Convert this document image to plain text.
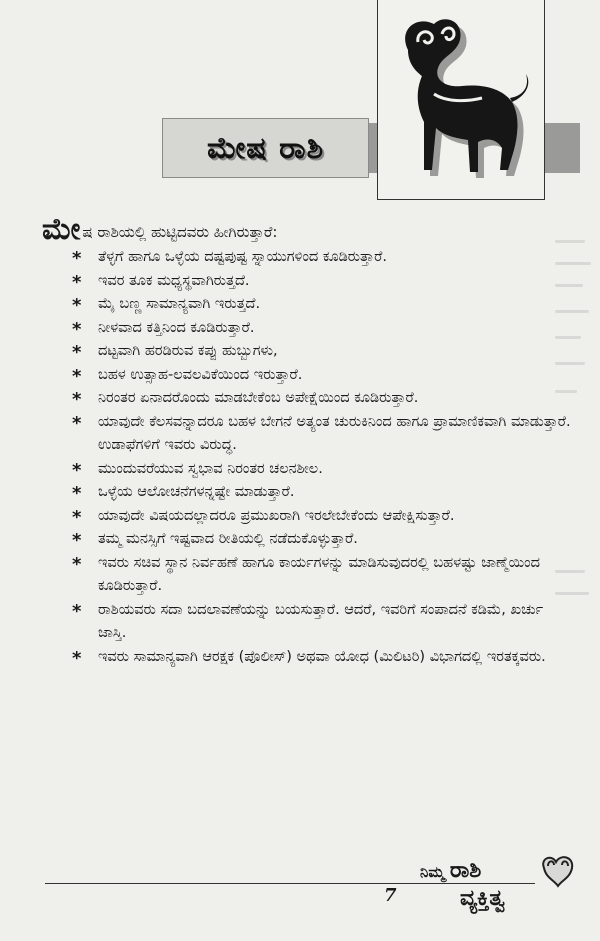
ಮೇಷ ರಾಶಿ
ಮೇ ಷ ರಾಶಿಯಲ್ಲಿ ಹುಟ್ಟಿದವರು ಹೀಗಿರುತ್ತಾರೆ:
* ತೆಳ್ಳಗೆ ಹಾಗೂ ಒಳ್ಳೆಯ ದಷ್ಟಪುಷ್ಟ ಸ್ನಾಯುಗಳಿಂದ ಕೂಡಿರುತ್ತಾರೆ.
* ಇವರ ತೂಕ ಮಧ್ಯಸ್ಥವಾಗಿರುತ್ತದೆ.
* ಮೈ ಬಣ್ಣ ಸಾಮಾನ್ಯವಾಗಿ ಇರುತ್ತದೆ.
* ನೀಳವಾದ ಕತ್ತಿನಿಂದ ಕೂಡಿರುತ್ತಾರೆ.
* ದಟ್ಟವಾಗಿ ಹರಡಿರುವ ಕಪ್ಪು ಹುಬ್ಬುಗಳು,
* ಬಹಳ ಉತ್ಸಾಹ-ಲವಲವಿಕೆಯಿಂದ ಇರುತ್ತಾರೆ.
* ನಿರಂತರ ಏನಾದರೊಂದು ಮಾಡಬೇಕೆಂಬ ಅಪೇಕ್ಷೆಯಿಂದ ಕೂಡಿರುತ್ತಾರೆ.
* ಯಾವುದೇ ಕೆಲಸವನ್ನಾದರೂ ಬಹಳ ಬೇಗನೆ ಅತ್ಯಂತ ಚುರುಕಿನಿಂದ ಹಾಗೂ ಪ್ರಾಮಾಣಿಕವಾಗಿ ಮಾಡುತ್ತಾರೆ. ಉಡಾಫೆಗಳಿಗೆ ಇವರು ವಿರುದ್ಧ.
* ಮುಂದುವರೆಯುವ ಸ್ವಭಾವ ನಿರಂತರ ಚಲನಶೀಲ.
* ಒಳ್ಳೆಯ ಆಲೋಚನೆಗಳನ್ನಷ್ಟೇ ಮಾಡುತ್ತಾರೆ.
* ಯಾವುದೇ ವಿಷಯದಲ್ಲಾದರೂ ಪ್ರಮುಖರಾಗಿ ಇರಲೇಬೇಕೆಂದು ಆಪೇಕ್ಷಿಸುತ್ತಾರೆ.
* ತಮ್ಮ ಮನಸ್ಸಿಗೆ ಇಷ್ಟವಾದ ರೀತಿಯಲ್ಲಿ ನಡೆದುಕೊಳ್ಳುತ್ತಾರೆ.
* ಇವರು ಸಚಿವ ಸ್ಥಾನ ನಿರ್ವಹಣೆ ಹಾಗೂ ಕಾರ್ಯಗಳನ್ನು ಮಾಡಿಸುವುದರಲ್ಲಿ ಬಹಳಷ್ಟು ಜಾಣ್ಮೆಯಿಂದ ಕೂಡಿರುತ್ತಾರೆ.
* ರಾಶಿಯವರು ಸದಾ ಬದಲಾವಣೆಯನ್ನು ಬಯಸುತ್ತಾರೆ. ಆದರೆ, ಇವರಿಗೆ ಸಂಪಾದನೆ ಕಡಿಮೆ, ಖರ್ಚು ಜಾಸ್ತಿ.
* ಇವರು ಸಾಮಾನ್ಯವಾಗಿ ಆರಕ್ಷಕ (ಪೊಲೀಸ್) ಅಥವಾ ಯೋಧ (ಮಿಲಿಟರಿ) ವಿಭಾಗದಲ್ಲಿ ಇರತಕ್ಕವರು.
7
ನಿಮ್ಮ ರಾಶಿ
ವ್ಯಕ್ತಿತ್ವ
